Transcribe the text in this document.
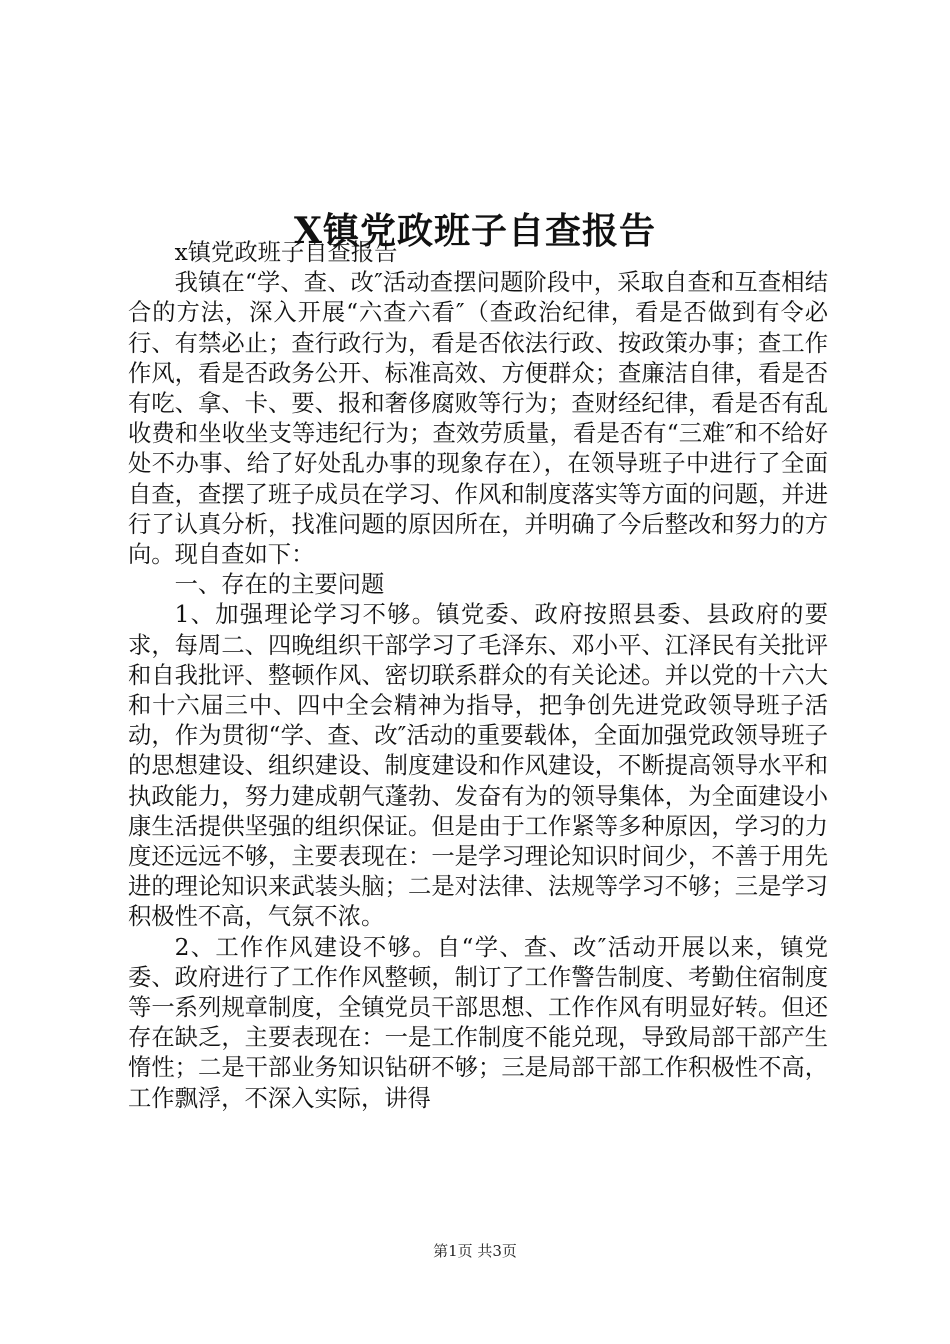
X镇党政班子自查报告

x镇党政班子自查报告

我镇在“学、查、改″活动查摆问题阶段中，采取自查和互查相结合的方法，深入开展“六查六看″（查政治纪律，看是否做到有令必行、有禁必止；查行政行为，看是否依法行政、按政策办事；查工作作风，看是否政务公开、标准高效、方便群众；查廉洁自律，看是否有吃、拿、卡、要、报和奢侈腐败等行为；查财经纪律，看是否有乱收费和坐收坐支等违纪行为；查效劳质量，看是否有“三难″和不给好处不办事、给了好处乱办事的现象存在），在领导班子中进行了全面自查，查摆了班子成员在学习、作风和制度落实等方面的问题，并进行了认真分析，找准问题的原因所在，并明确了今后整改和努力的方向。现自查如下：

一、存在的主要问题

1、加强理论学习不够。镇党委、政府按照县委、县政府的要求，每周二、四晚组织干部学习了毛泽东、邓小平、江泽民有关批评和自我批评、整顿作风、密切联系群众的有关论述。并以党的十六大和十六届三中、四中全会精神为指导，把争创先进党政领导班子活动，作为贯彻“学、查、改″活动的重要载体，全面加强党政领导班子的思想建设、组织建设、制度建设和作风建设，不断提高领导水平和执政能力，努力建成朝气蓬勃、发奋有为的领导集体，为全面建设小康生活提供坚强的组织保证。但是由于工作紧等多种原因，学习的力度还远远不够，主要表现在：一是学习理论知识时间少，不善于用先进的理论知识来武装头脑；二是对法律、法规等学习不够；三是学习积极性不高，气氛不浓。

2、工作作风建设不够。自“学、查、改″活动开展以来，镇党委、政府进行了工作作风整顿，制订了工作警告制度、考勤住宿制度等一系列规章制度，全镇党员干部思想、工作作风有明显好转。但还存在缺乏，主要表现在：一是工作制度不能兑现，导致局部干部产生惰性；二是干部业务知识钻研不够；三是局部干部工作积极性不高，工作飘浮，不深入实际，讲得

第1页 共3页
